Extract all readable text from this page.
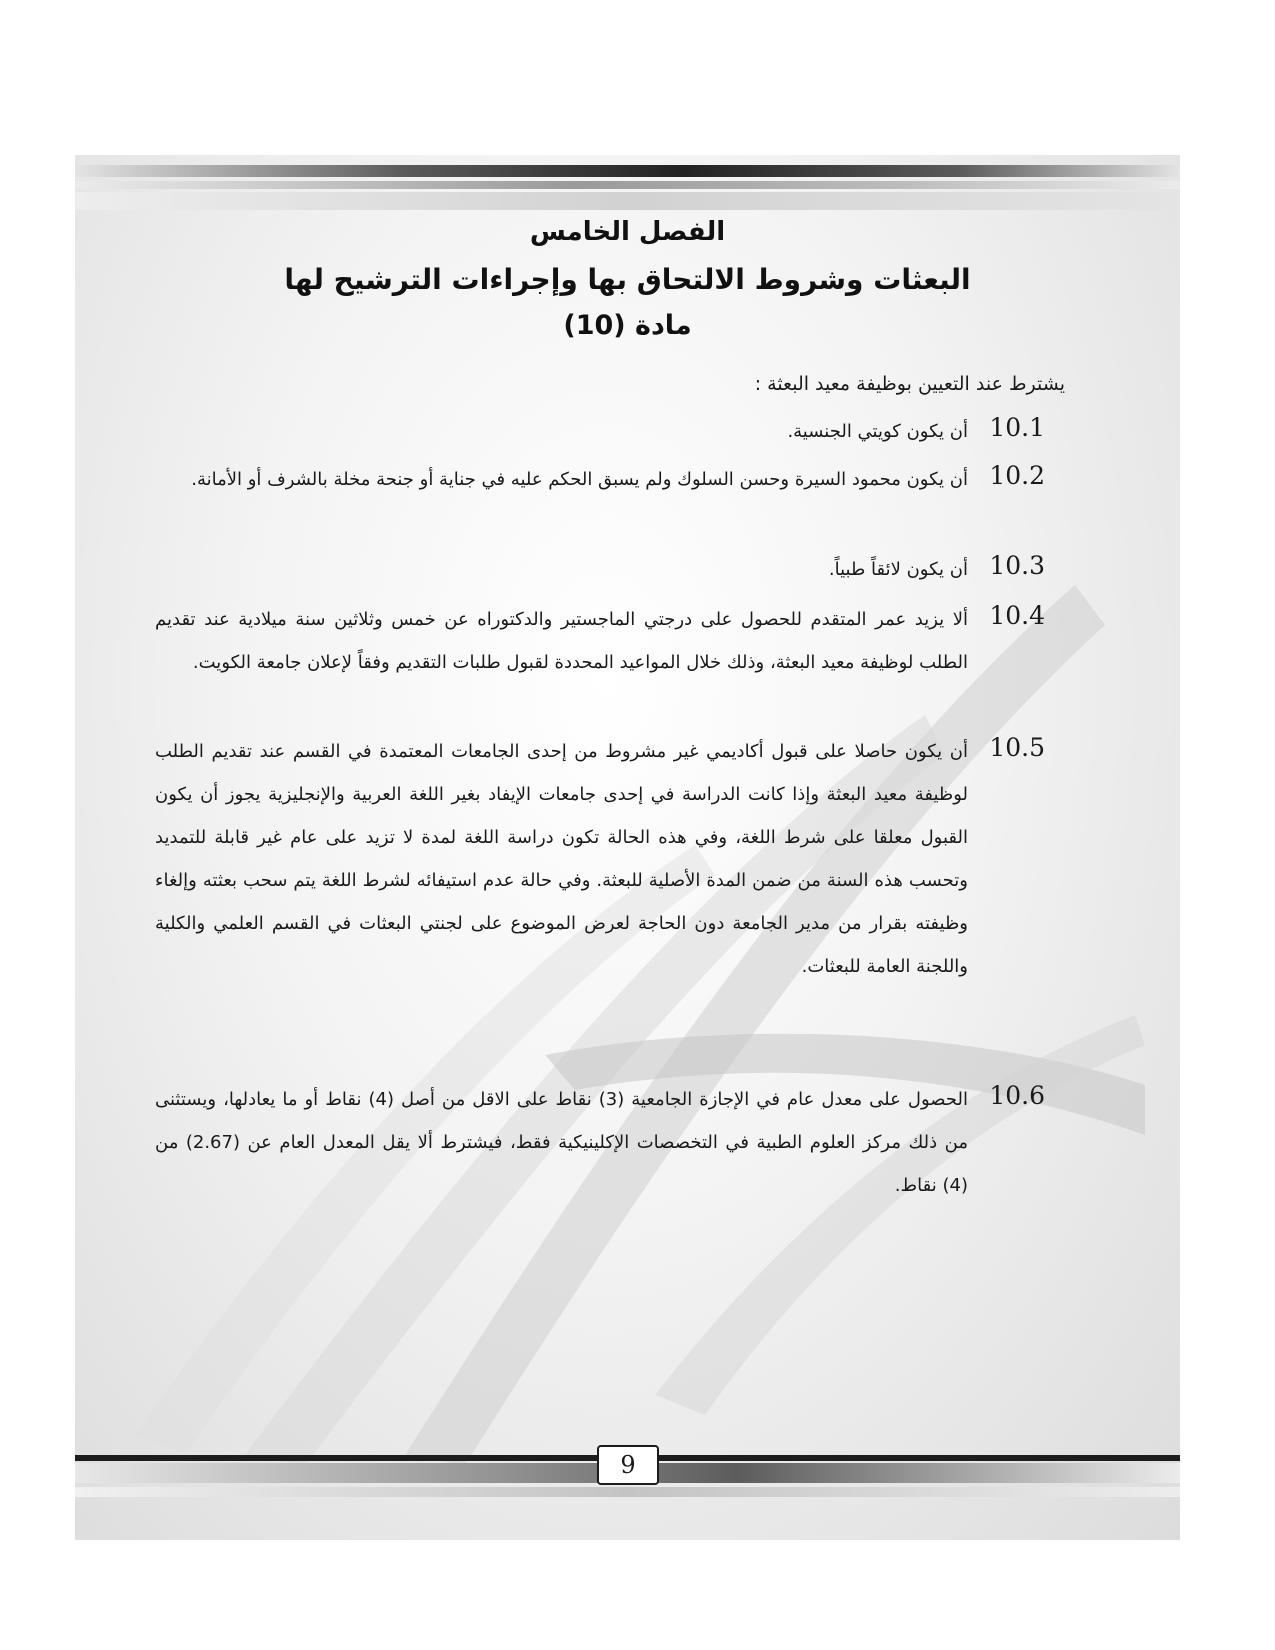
الفصل الخامس
البعثات وشروط الالتحاق بها وإجراءات الترشيح لها
مادة (10)
يشترط عند التعيين بوظيفة معيد البعثة :
10.1
أن يكون كويتي الجنسية.
10.2
أن يكون محمود السيرة وحسن السلوك ولم يسبق الحكم عليه في جناية أو جنحة مخلة بالشرف أو الأمانة.
10.3
أن يكون لائقاً طبياً.
10.4
ألا يزيد عمر المتقدم للحصول على درجتي الماجستير والدكتوراه عن خمس وثلاثين سنة ميلادية عند تقديم الطلب لوظيفة معيد البعثة، وذلك خلال المواعيد المحددة لقبول طلبات التقديم وفقاً لإعلان جامعة الكويت.
10.5
أن يكون حاصلا على قبول أكاديمي غير مشروط من إحدى الجامعات المعتمدة في القسم عند تقديم الطلب لوظيفة معيد البعثة وإذا كانت الدراسة في إحدى جامعات الإيفاد بغير اللغة العربية والإنجليزية يجوز أن يكون القبول معلقا على شرط اللغة، وفي هذه الحالة تكون دراسة اللغة لمدة لا تزيد على عام غير قابلة للتمديد وتحسب هذه السنة من ضمن المدة الأصلية للبعثة. وفي حالة عدم استيفائه لشرط اللغة يتم سحب بعثته وإلغاء وظيفته بقرار من مدير الجامعة دون الحاجة لعرض الموضوع على لجنتي البعثات في القسم العلمي والكلية واللجنة العامة للبعثات.
10.6
الحصول على معدل عام في الإجازة الجامعية (3) نقاط على الاقل من أصل (4) نقاط أو ما يعادلها، ويستثنى من ذلك مركز العلوم الطبية في التخصصات الإكلينيكية فقط، فيشترط ألا يقل المعدل العام عن (2.67) من (4) نقاط.
9
